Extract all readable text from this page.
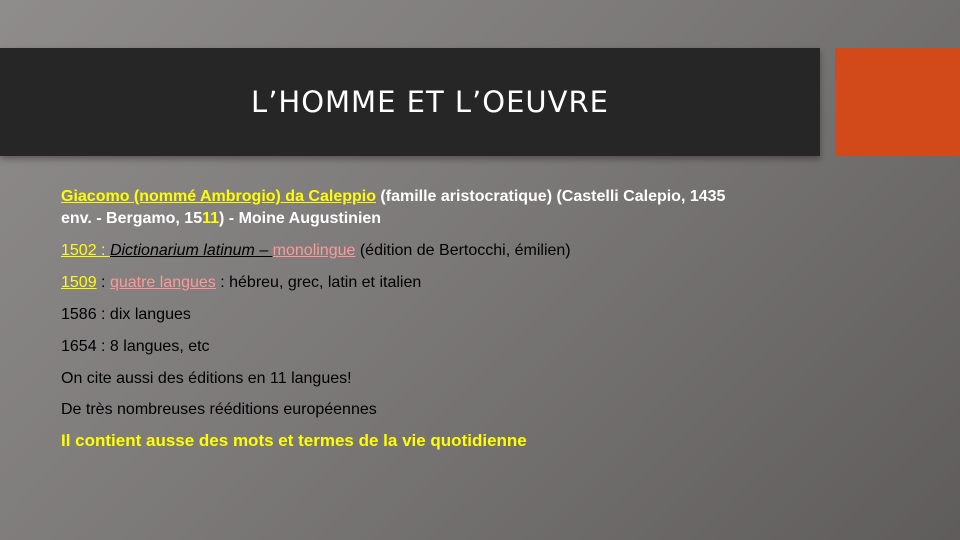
L’HOMME ET L’OEUVRE

Giacomo (nommé Ambrogio) da Caleppio (famille aristocratique) (Castelli Calepio, 1435
env. - Bergamo, 1511) - Moine Augustinien

1502 : Dictionarium latinum – monolingue (édition de Bertocchi, émilien)

1509 : quatre langues : hébreu, grec, latin et italien

1586 : dix langues

1654 : 8 langues, etc

On cite aussi des éditions en 11 langues!

De très nombreuses rééditions européennes

Il contient ausse des mots et termes de la vie quotidienne
